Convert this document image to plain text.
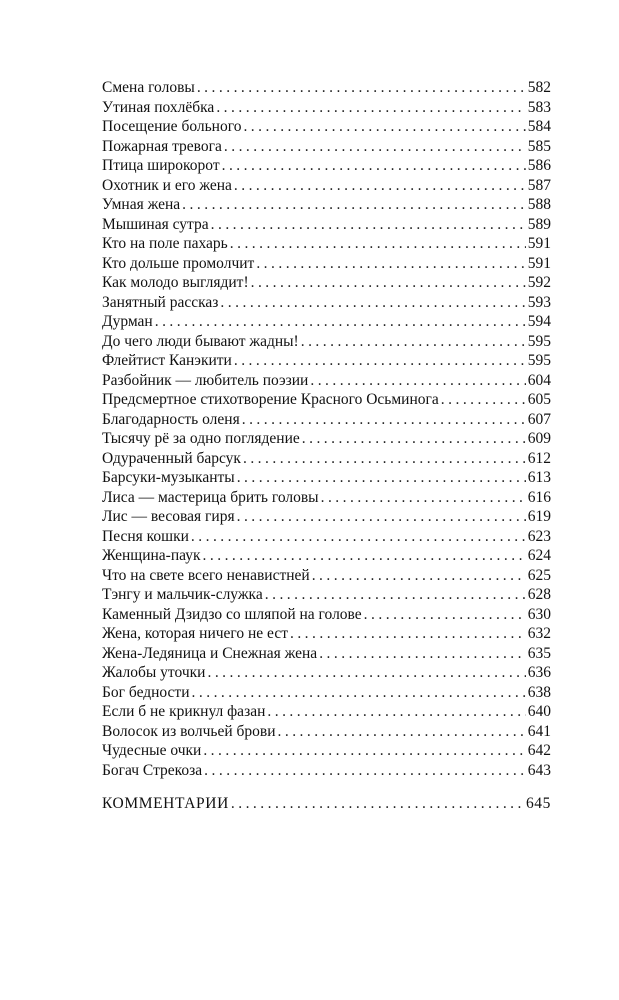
Смена головы . . .	582
Утиная похлёбка . . .	583
Посещение больного . . .	584
Пожарная тревога . . .	585
Птица широкорот . . .	586
Охотник и его жена . . .	587
Умная жена . . .	588
Мышиная сутра . . .	589
Кто на поле пахарь . . .	591
Кто дольше промолчит . . .	591
Как молодо выглядит! . . .	592
Занятный рассказ . . .	593
Дурман . . .	594
До чего люди бывают жадны! . . .	595
Флейтист Канэкити . . .	595
Разбойник — любитель поэзии . . .	604
Предсмертное стихотворение Красного Осьминога . . .	605
Благодарность оленя . . .	607
Тысячу рё за одно поглядение . . .	609
Одураченный барсук . . .	612
Барсуки-музыканты . . .	613
Лиса — мастерица брить головы . . .	616
Лис — весовая гиря . . .	619
Песня кошки . . .	623
Женщина-паук . . .	624
Что на свете всего ненавистней . . .	625
Тэнгу и мальчик-служка . . .	628
Каменный Дзидзо со шляпой на голове . . .	630
Жена, которая ничего не ест . . .	632
Жена-Ледяница и Снежная жена . . .	635
Жалобы уточки . . .	636
Бог бедности . . .	638
Если б не крикнул фазан . . .	640
Волосок из волчьей брови . . .	641
Чудесные очки . . .	642
Богач Стрекоза . . .	643
КОММЕНТАРИИ . . .	645
